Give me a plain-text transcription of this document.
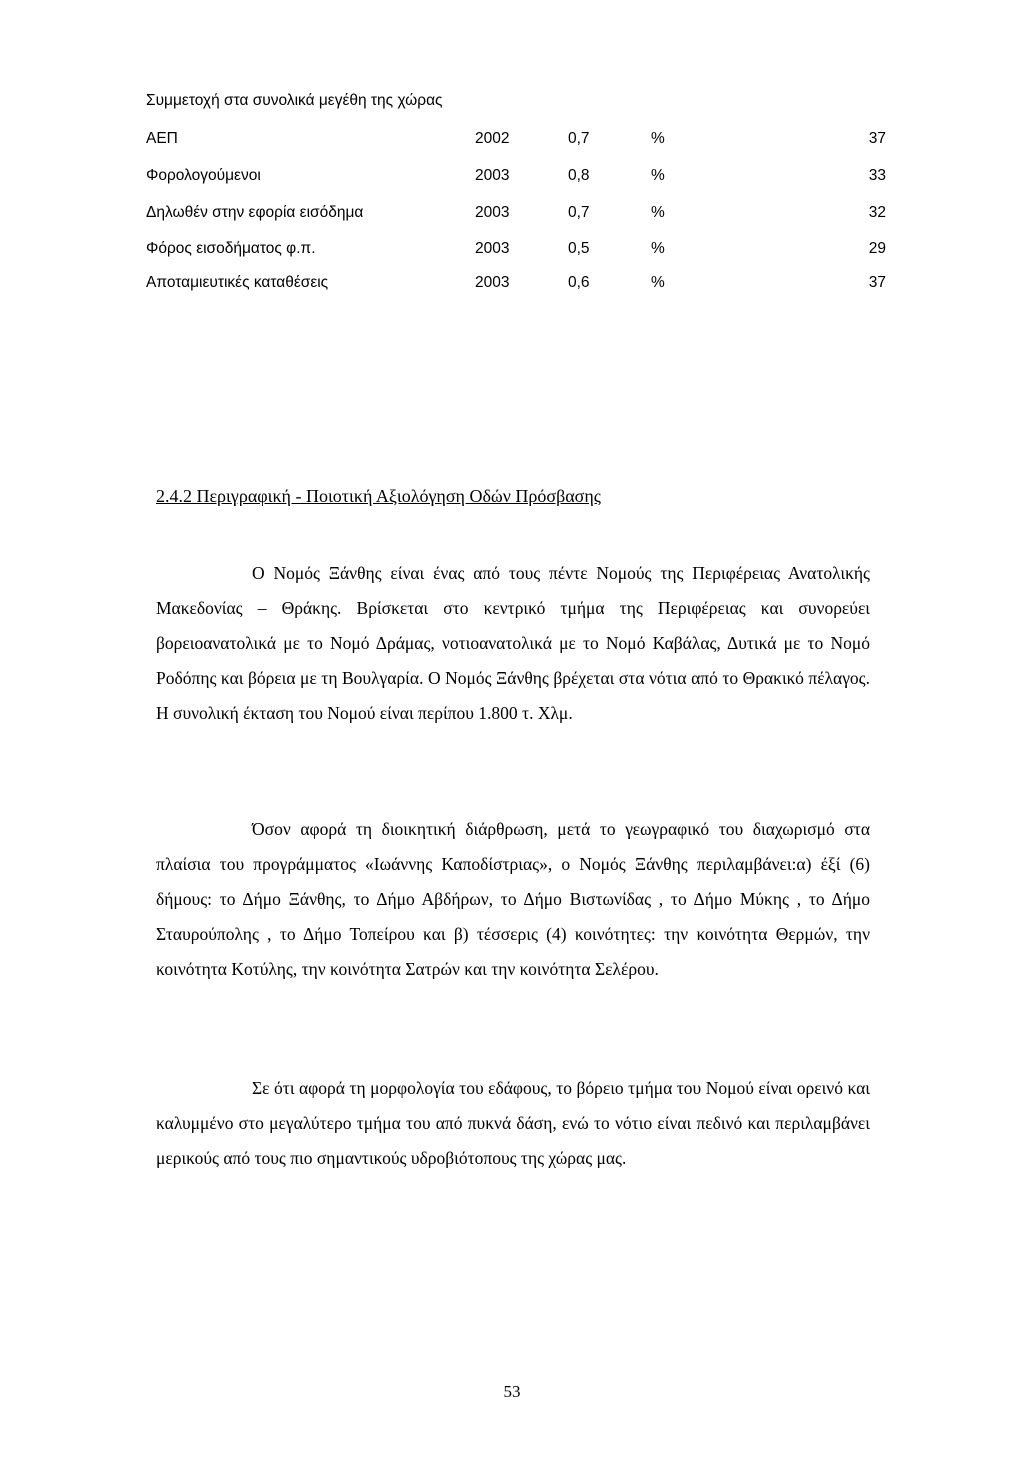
Συμμετοχή στα συνολικά μεγέθη της χώρας
ΑΕΠ	2002	0,7	%	37
Φορολογούμενοι	2003	0,8	%	33
Δηλωθέν στην εφορία εισόδημα	2003	0,7	%	32
Φόρος εισοδήματος φ.π.	2003	0,5	%	29
Αποταμιευτικές καταθέσεις	2003	0,6	%	37
2.4.2 Περιγραφική - Ποιοτική Αξιολόγηση Οδών Πρόσβασης

Ο Νομός Ξάνθης είναι ένας από τους πέντε Νομούς της Περιφέρειας Ανατολικής Μακεδονίας – Θράκης. Βρίσκεται στο κεντρικό τμήμα της Περιφέρειας και συνορεύει βορειοανατολικά με το Νομό Δράμας, νοτιοανατολικά με το Νομό Καβάλας, Δυτικά με το Νομό Ροδόπης και βόρεια με τη Βουλγαρία. Ο Νομός Ξάνθης βρέχεται στα νότια από το Θρακικό πέλαγος. Η συνολική έκταση του Νομού είναι περίπου 1.800 τ. Χλμ.

Όσον αφορά τη διοικητική διάρθρωση, μετά το γεωγραφικό του διαχωρισμό στα πλαίσια του προγράμματος «Ιωάννης Καποδίστριας», ο Νομός Ξάνθης περιλαμβάνει:α) έξί (6) δήμους: το Δήμο Ξάνθης, το Δήμο Αβδήρων, το Δήμο Βιστωνίδας , το Δήμο Μύκης , το Δήμο Σταυρούπολης , το Δήμο Τοπείρου και β) τέσσερις (4) κοινότητες: την κοινότητα Θερμών, την κοινότητα Κοτύλης, την κοινότητα Σατρών και την κοινότητα Σελέρου.

Σε ότι αφορά τη μορφολογία του εδάφους, το βόρειο τμήμα του Νομού είναι ορεινό και καλυμμένο στο μεγαλύτερο τμήμα του από πυκνά δάση, ενώ το νότιο είναι πεδινό και περιλαμβάνει μερικούς από τους πιο σημαντικούς υδροβιότοπους της χώρας μας.

53
